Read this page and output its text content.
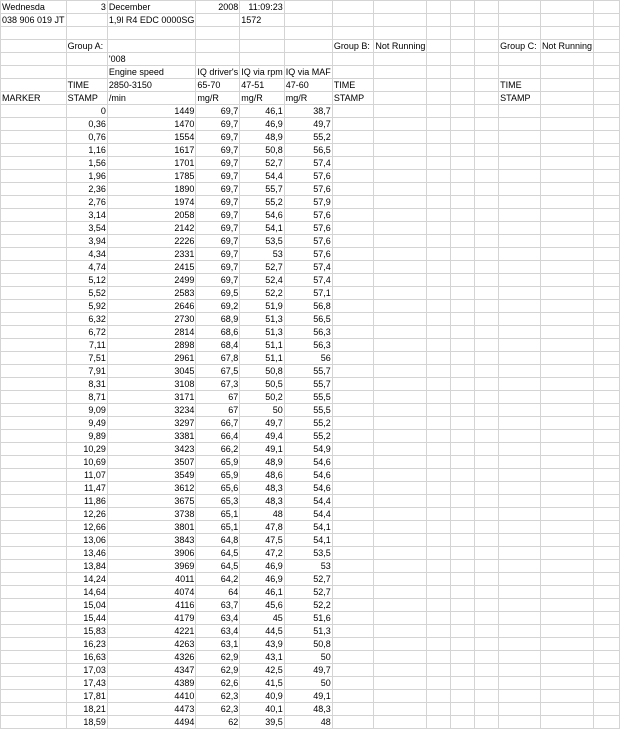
Wednesda	3	December	2008	11:09:23									
038 906 019 JT		1,9l R4 EDC 0000SG		1572									

	Group A:					Group B:	Not Running				Group C:	Not Running	
		'008											
		Engine speed	IQ driver's	IQ via rpm	IQ via MAF								
	TIME	2850-3150	65-70	47-51	47-60	TIME					TIME		
MARKER	STAMP	/min	mg/R	mg/R	mg/R	STAMP					STAMP		
	0	1449	69,7	46,1	38,7								
	0,36	1470	69,7	46,9	49,7								
	0,76	1554	69,7	48,9	55,2								
	1,16	1617	69,7	50,8	56,5								
	1,56	1701	69,7	52,7	57,4								
	1,96	1785	69,7	54,4	57,6								
	2,36	1890	69,7	55,7	57,6								
	2,76	1974	69,7	55,2	57,9								
	3,14	2058	69,7	54,6	57,6								
	3,54	2142	69,7	54,1	57,6								
	3,94	2226	69,7	53,5	57,6								
	4,34	2331	69,7	53	57,6								
	4,74	2415	69,7	52,7	57,4								
	5,12	2499	69,7	52,4	57,4								
	5,52	2583	69,5	52,2	57,1								
	5,92	2646	69,2	51,9	56,8								
	6,32	2730	68,9	51,3	56,5								
	6,72	2814	68,6	51,3	56,3								
	7,11	2898	68,4	51,1	56,3								
	7,51	2961	67,8	51,1	56								
	7,91	3045	67,5	50,8	55,7								
	8,31	3108	67,3	50,5	55,7								
	8,71	3171	67	50,2	55,5								
	9,09	3234	67	50	55,5								
	9,49	3297	66,7	49,7	55,2								
	9,89	3381	66,4	49,4	55,2								
	10,29	3423	66,2	49,1	54,9								
	10,69	3507	65,9	48,9	54,6								
	11,07	3549	65,9	48,6	54,6								
	11,47	3612	65,6	48,3	54,6								
	11,86	3675	65,3	48,3	54,4								
	12,26	3738	65,1	48	54,4								
	12,66	3801	65,1	47,8	54,1								
	13,06	3843	64,8	47,5	54,1								
	13,46	3906	64,5	47,2	53,5								
	13,84	3969	64,5	46,9	53								
	14,24	4011	64,2	46,9	52,7								
	14,64	4074	64	46,1	52,7								
	15,04	4116	63,7	45,6	52,2								
	15,44	4179	63,4	45	51,6								
	15,83	4221	63,4	44,5	51,3								
	16,23	4263	63,1	43,9	50,8								
	16,63	4326	62,9	43,1	50								
	17,03	4347	62,9	42,5	49,7								
	17,43	4389	62,6	41,5	50								
	17,81	4410	62,3	40,9	49,1								
	18,21	4473	62,3	40,1	48,3								
	18,59	4494	62	39,5	48								
